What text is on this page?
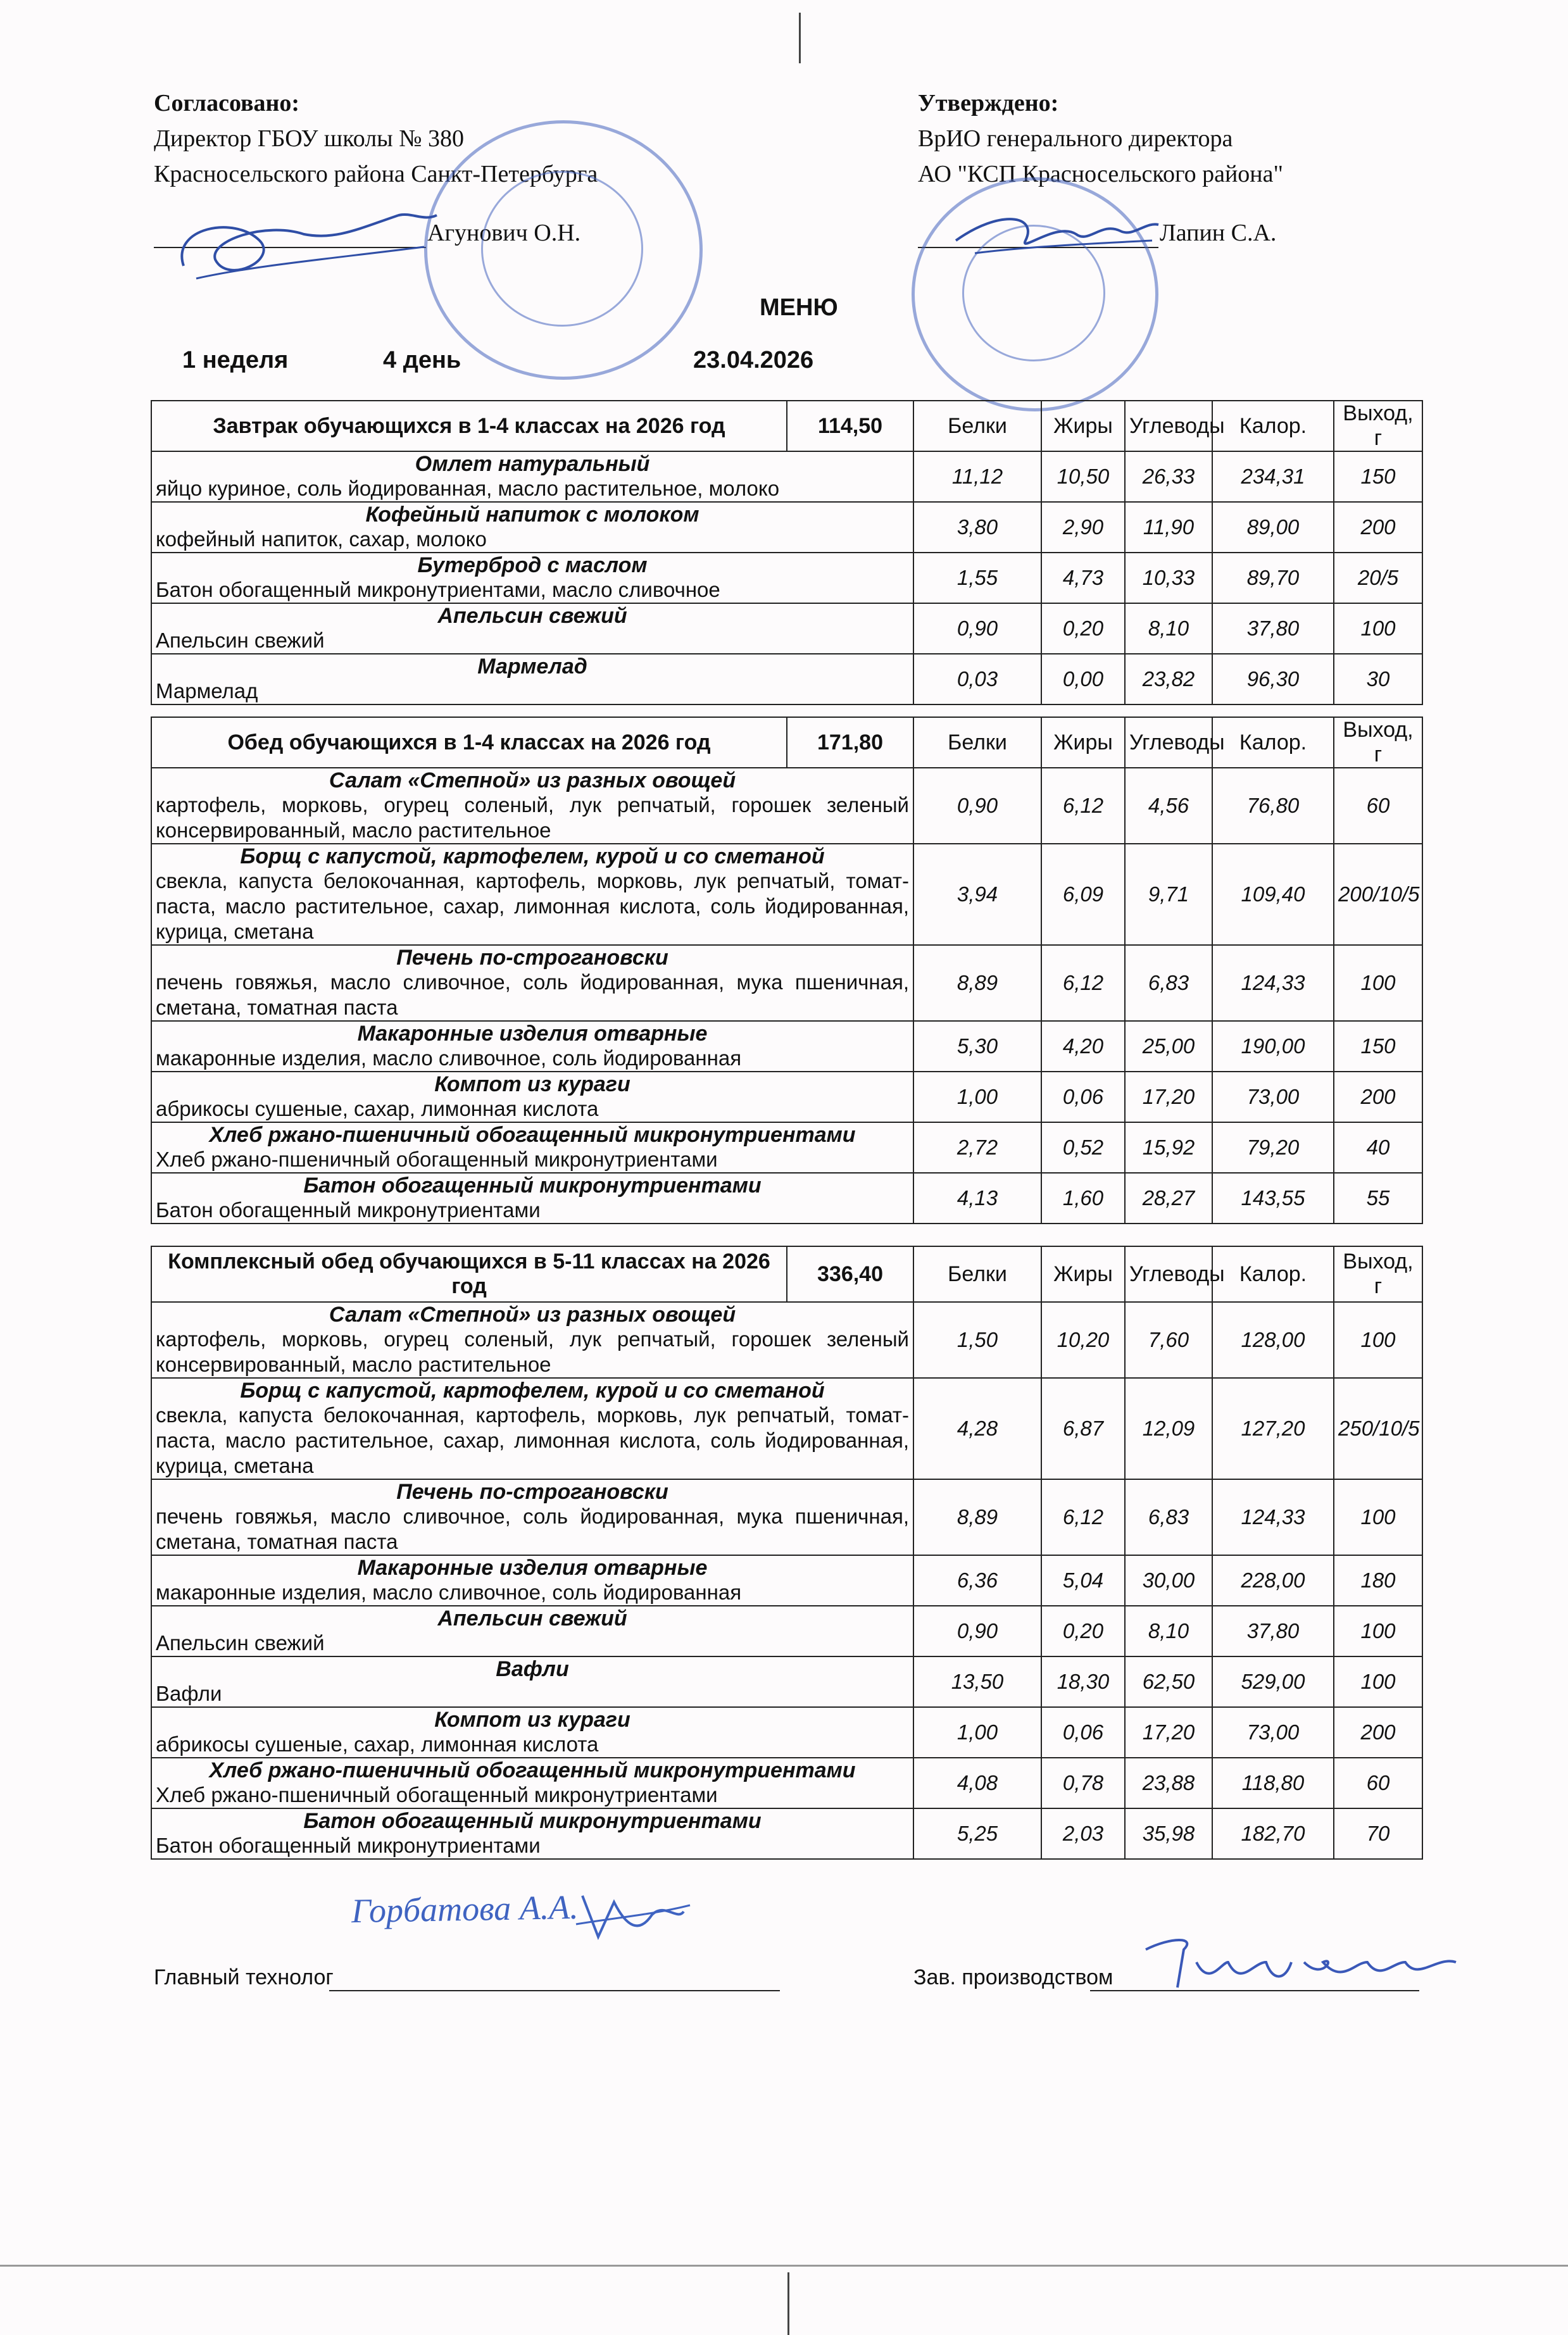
Согласовано:
Директор ГБОУ школы № 380
Красносельского района Санкт-Петербурга
Агунович О.Н.
Утверждено:
ВрИО генерального директора
АО "КСП Красносельского района"
Лапин С.А.
МЕНЮ
1 неделя	4 день	23.04.2026
Завтрак обучающихся в 1-4 классах на 2026 год	114,50	Белки	Жиры	Углеводы	Калор.	Выход, г

Омлет натуральный
яйцо куриное, соль йодированная, масло растительное, молоко		11,12	10,50	26,33	234,31	150

Кофейный напиток с молоком
кофейный напиток, сахар, молоко		3,80	2,90	11,90	89,00	200

Бутерброд с маслом
Батон обогащенный микронутриентами, масло сливочное		1,55	4,73	10,33	89,70	20/5

Апельсин свежий
Апельсин свежий		0,90	0,20	8,10	37,80	100

Мармелад
Мармелад		0,03	0,00	23,82	96,30	30
Обед обучающихся в 1-4 классах на 2026 год	171,80	Белки	Жиры	Углеводы	Калор.	Выход, г

Салат «Степной» из разных овощей
картофель, морковь, огурец соленый, лук репчатый, горошек зеленый консервированный, масло растительное		0,90	6,12	4,56	76,80	60

Борщ с капустой, картофелем, курой и со сметаной
свекла, капуста белокочанная, картофель, морковь, лук репчатый, томат-паста, масло растительное, сахар, лимонная кислота, соль йодированная, курица, сметана		3,94	6,09	9,71	109,40	200/10/5

Печень по-строгановски
печень говяжья, масло сливочное, соль йодированная, мука пшеничная, сметана, томатная паста		8,89	6,12	6,83	124,33	100

Макаронные изделия отварные
макаронные изделия, масло сливочное, соль йодированная		5,30	4,20	25,00	190,00	150

Компот из кураги
абрикосы сушеные, сахар, лимонная кислота		1,00	0,06	17,20	73,00	200

Хлеб ржано-пшеничный обогащенный микронутриентами
Хлеб ржано-пшеничный обогащенный микронутриентами		2,72	0,52	15,92	79,20	40

Батон обогащенный микронутриентами
Батон обогащенный микронутриентами		4,13	1,60	28,27	143,55	55
Комплексный обед обучающихся в 5-11 классах на 2026 год	336,40	Белки	Жиры	Углеводы	Калор.	Выход, г

Салат «Степной» из разных овощей
картофель, морковь, огурец соленый, лук репчатый, горошек зеленый консервированный, масло растительное		1,50	10,20	7,60	128,00	100

Борщ с капустой, картофелем, курой и со сметаной
свекла, капуста белокочанная, картофель, морковь, лук репчатый, томат-паста, масло растительное, сахар, лимонная кислота, соль йодированная, курица, сметана		4,28	6,87	12,09	127,20	250/10/5

Печень по-строгановски
печень говяжья, масло сливочное, соль йодированная, мука пшеничная, сметана, томатная паста		8,89	6,12	6,83	124,33	100

Макаронные изделия отварные
макаронные изделия, масло сливочное, соль йодированная		6,36	5,04	30,00	228,00	180

Апельсин свежий
Апельсин свежий		0,90	0,20	8,10	37,80	100

Вафли
Вафли		13,50	18,30	62,50	529,00	100

Компот из кураги
абрикосы сушеные, сахар, лимонная кислота		1,00	0,06	17,20	73,00	200

Хлеб ржано-пшеничный обогащенный микронутриентами
Хлеб ржано-пшеничный обогащенный микронутриентами		4,08	0,78	23,88	118,80	60

Батон обогащенный микронутриентами
Батон обогащенный микронутриентами		5,25	2,03	35,98	182,70	70
Горбатова А.А.
Главный технолог	Зав. производством
